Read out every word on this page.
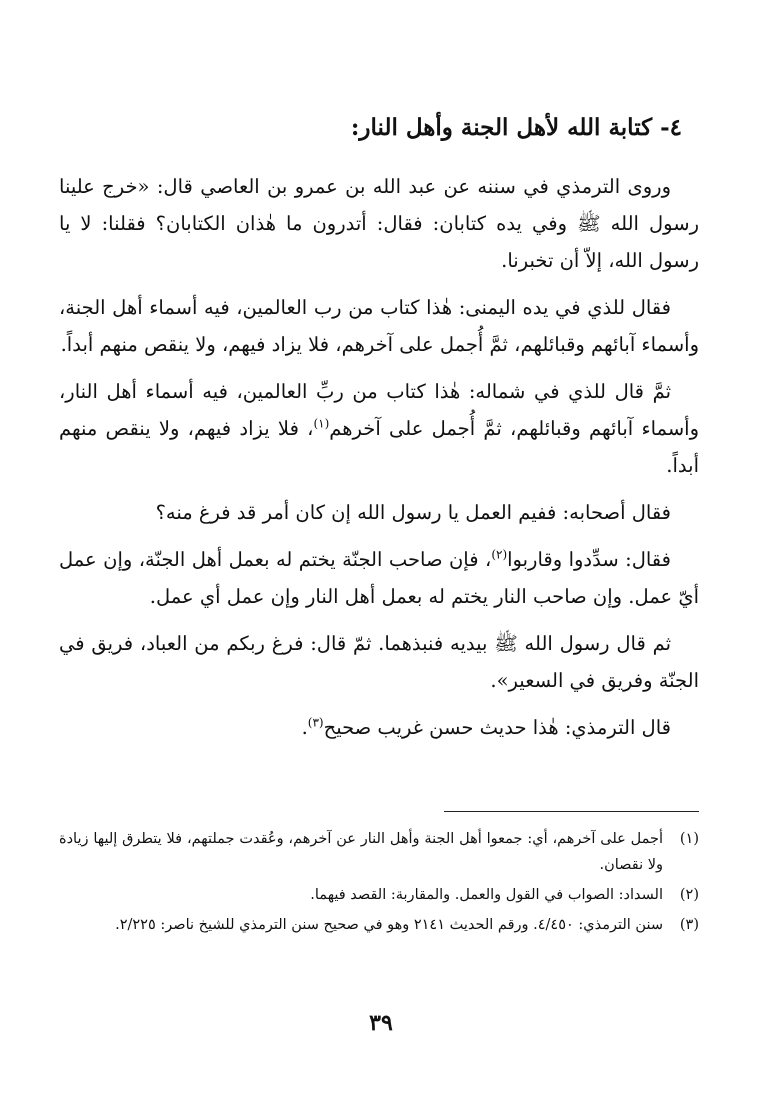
٤- كتابة الله لأهل الجنة وأهل النار:

وروى الترمذي في سننه عن عبد الله بن عمرو بن العاصي قال: «خرج علينا رسول الله ﷺ وفي يده كتابان: فقال: أتدرون ما هٰذان الكتابان؟ فقلنا: لا يا رسول الله، إلاّ أن تخبرنا.

فقال للذي في يده اليمنى: هٰذا كتاب من رب العالمين، فيه أسماء أهل الجنة، وأسماء آبائهم وقبائلهم، ثمَّ أُجمل على آخرهم، فلا يزاد فيهم، ولا ينقص منهم أبداً.

ثمَّ قال للذي في شماله: هٰذا كتاب من ربِّ العالمين، فيه أسماء أهل النار، وأسماء آبائهم وقبائلهم، ثمَّ أُجمل على آخرهم$^{(١)}$، فلا يزاد فيهم، ولا ينقص منهم أبداً.

فقال أصحابه: ففيم العمل يا رسول الله إن كان أمر قد فرغ منه؟

فقال: سدِّدوا وقاربوا$^{(٢)}$، فإن صاحب الجنّة يختم له بعمل أهل الجنّة، وإن عمل أيّ عمل. وإن صاحب النار يختم له بعمل أهل النار وإن عمل أي عمل.

ثم قال رسول الله ﷺ بيديه فنبذهما. ثمّ قال: فرغ ربكم من العباد، فريق في الجنّة وفريق في السعير».

قال الترمذي: هٰذا حديث حسن غريب صحيح$^{(٣)}$.

(١)
أجمل على آخرهم، أي: جمعوا أهل الجنة وأهل النار عن آخرهم، وعُقدت جملتهم، فلا يتطرق إليها زيادة ولا نقصان.
(٢)
السداد: الصواب في القول والعمل. والمقاربة: القصد فيهما.
(٣)
سنن الترمذي: ٤/٤٥٠. ورقم الحديث ٢١٤١ وهو في صحيح سنن الترمذي للشيخ ناصر: ٢/٢٢٥.
٣٩
